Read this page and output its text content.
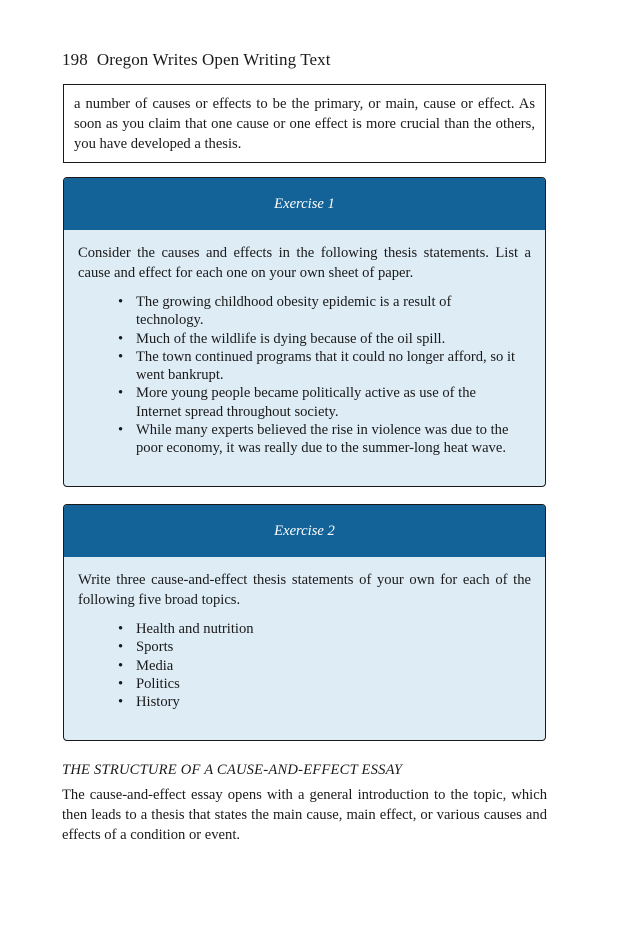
198 Oregon Writes Open Writing Text
a number of causes or effects to be the primary, or main, cause or effect. As soon as you claim that one cause or one effect is more crucial than the others, you have developed a thesis.
Exercise 1

Consider the causes and effects in the following thesis statements. List a cause and effect for each one on your own sheet of paper.

• The growing childhood obesity epidemic is a result of technology.
• Much of the wildlife is dying because of the oil spill.
• The town continued programs that it could no longer afford, so it went bankrupt.
• More young people became politically active as use of the Internet spread throughout society.
• While many experts believed the rise in violence was due to the poor economy, it was really due to the summer-long heat wave.
Exercise 2

Write three cause-and-effect thesis statements of your own for each of the following five broad topics.

• Health and nutrition
• Sports
• Media
• Politics
• History
THE STRUCTURE OF A CAUSE-AND-EFFECT ESSAY

The cause-and-effect essay opens with a general introduction to the topic, which then leads to a thesis that states the main cause, main effect, or various causes and effects of a condition or event.
